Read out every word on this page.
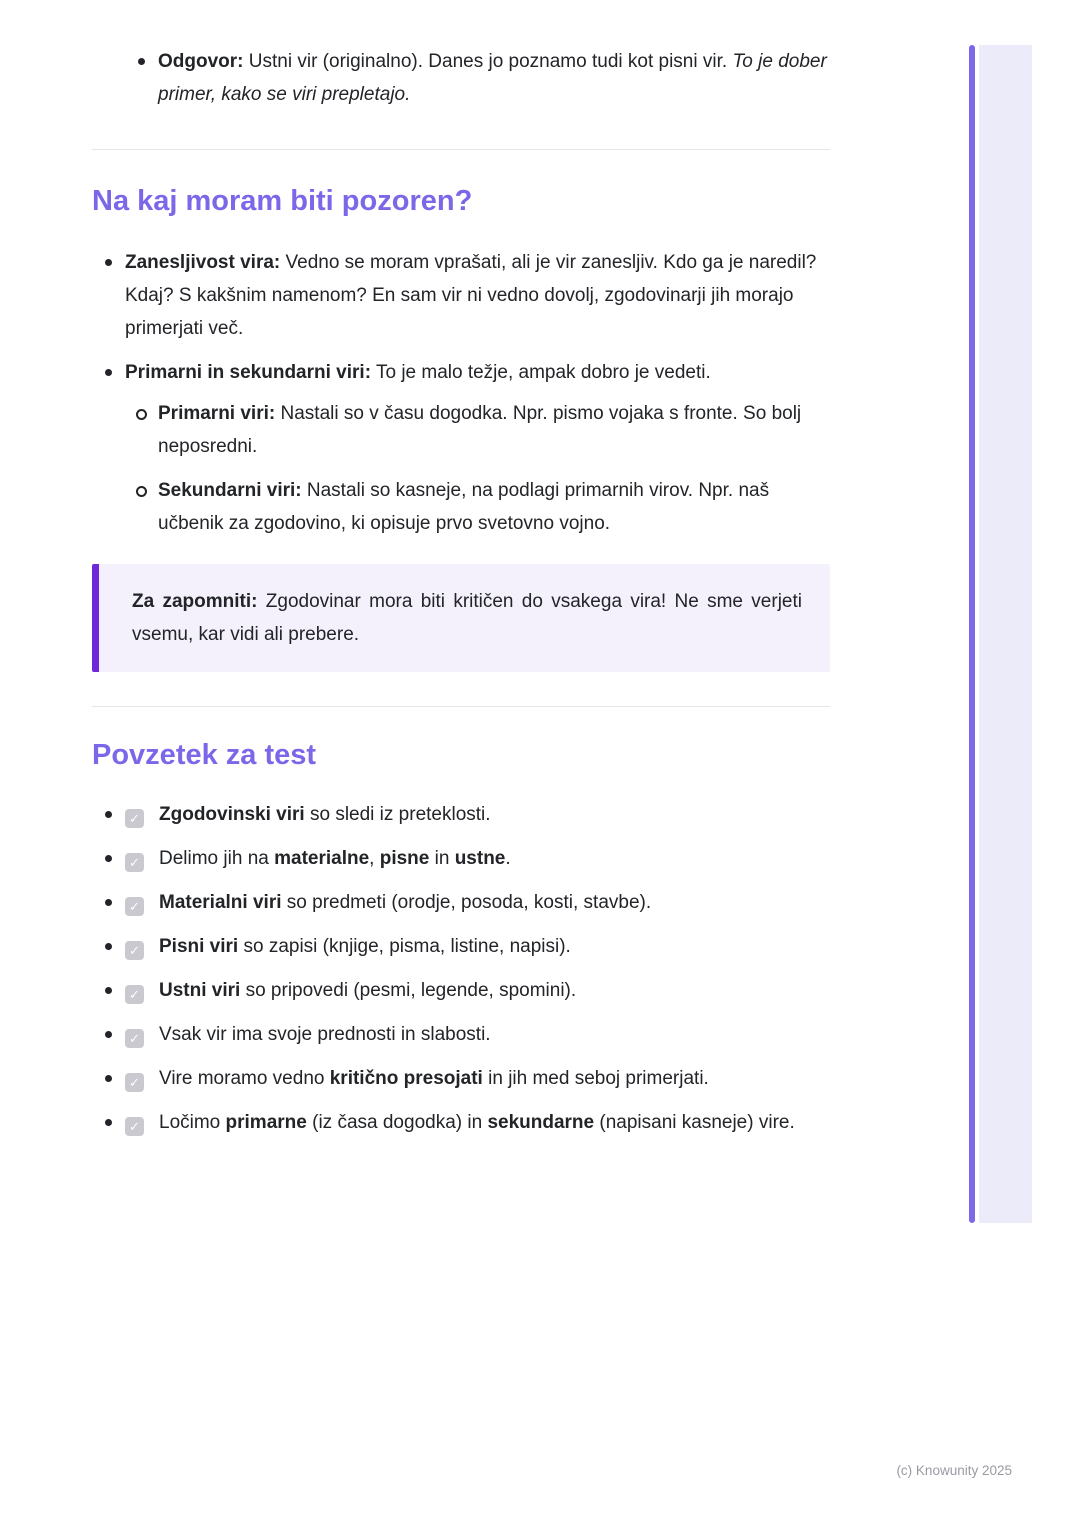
Odgovor: Ustni vir (originalno). Danes jo poznamo tudi kot pisni vir. To je dober primer, kako se viri prepletajo.
Na kaj moram biti pozoren?
Zanesljivost vira: Vedno se moram vprašati, ali je vir zanesljiv. Kdo ga je naredil? Kdaj? S kakšnim namenom? En sam vir ni vedno dovolj, zgodovinarji jih morajo primerjati več.
Primarni in sekundarni viri: To je malo težje, ampak dobro je vedeti.
Primarni viri: Nastali so v času dogodka. Npr. pismo vojaka s fronte. So bolj neposredni.
Sekundarni viri: Nastali so kasneje, na podlagi primarnih virov. Npr. naš učbenik za zgodovino, ki opisuje prvo svetovno vojno.
Za zapomniti: Zgodovinar mora biti kritičen do vsakega vira! Ne sme verjeti vsemu, kar vidi ali prebere.
Povzetek za test
✓ Zgodovinski viri so sledi iz preteklosti.
✓ Delimo jih na materialne, pisne in ustne.
✓ Materialni viri so predmeti (orodje, posoda, kosti, stavbe).
✓ Pisni viri so zapisi (knjige, pisma, listine, napisi).
✓ Ustni viri so pripovedi (pesmi, legende, spomini).
✓ Vsak vir ima svoje prednosti in slabosti.
✓ Vire moramo vedno kritično presojati in jih med seboj primerjati.
✓ Ločimo primarne (iz časa dogodka) in sekundarne (napisani kasneje) vire.
(c) Knowunity 2025
